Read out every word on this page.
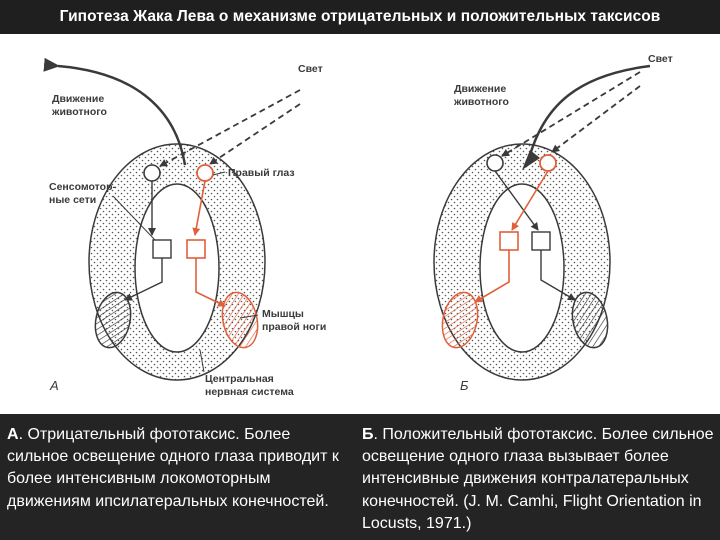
Гипотеза Жака Лева о механизме отрицательных и положительных таксисов
Свет
Движение
животного
Правый глаз
Сенсомотор-
ные сети
Мышцы
правой ноги
Центральная
нервная система
А
Свет
Движение
животного
Б
А. Отрицательный фототаксис. Более сильное освещение одного глаза приводит к более интенсивным локомоторным движениям ипсилатеральных конечностей.
Б. Положительный фототаксис. Более сильное освещение одного глаза вызывает более интенсивные движения контралатеральных конечностей. (J. M. Camhi, Flight Orientation in Locusts, 1971.)
